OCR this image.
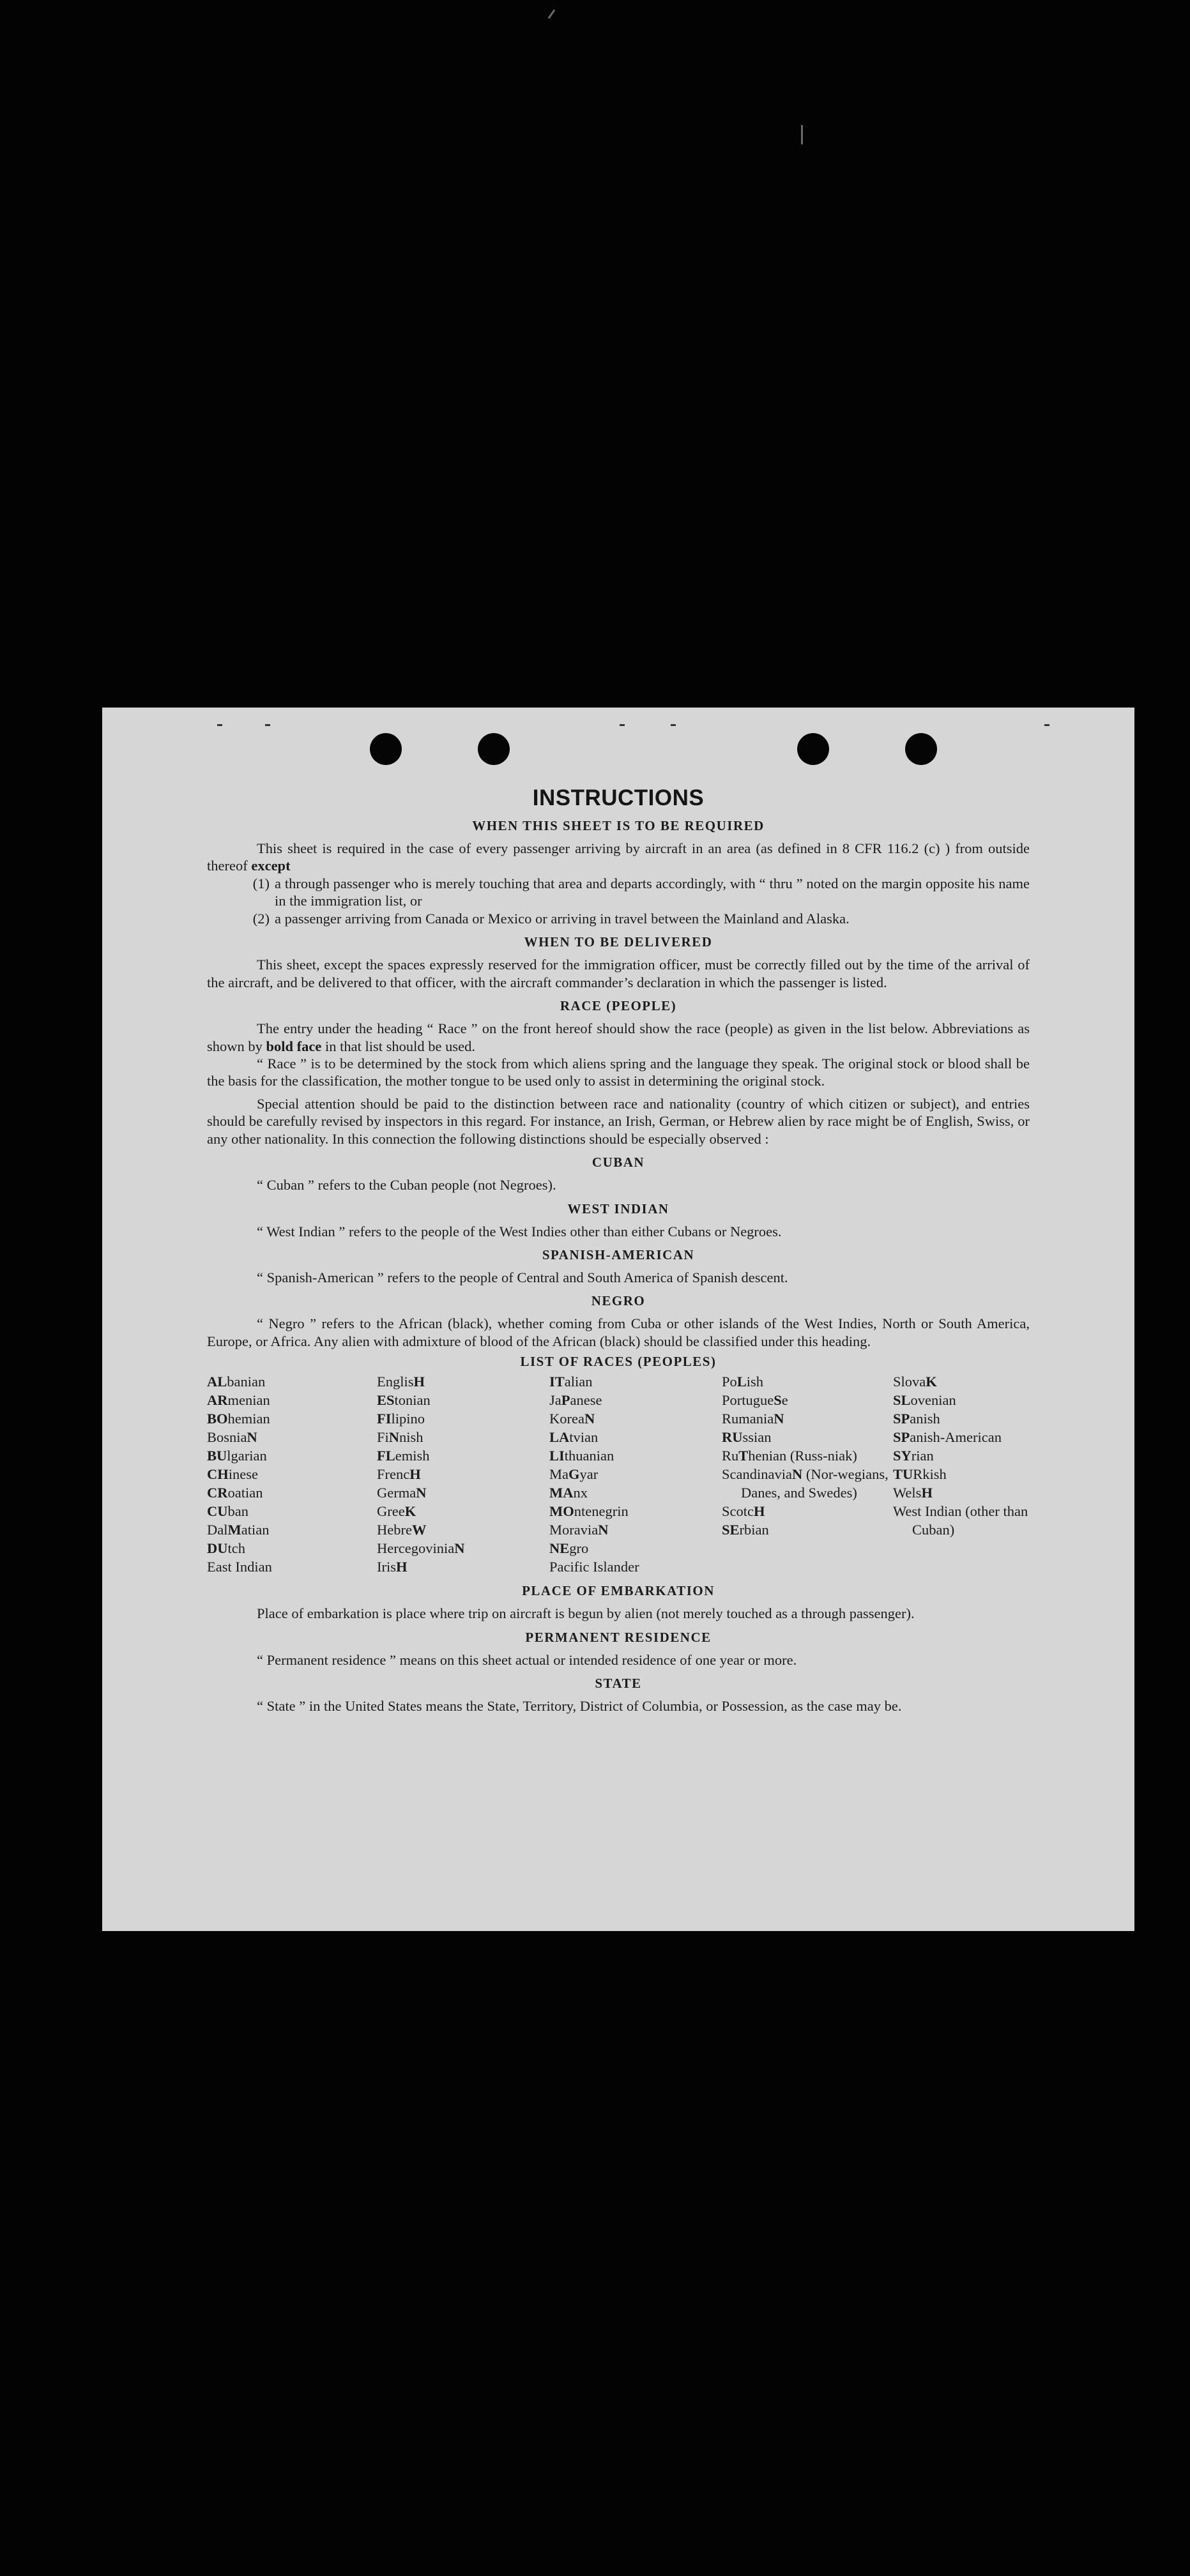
INSTRUCTIONS
WHEN THIS SHEET IS TO BE REQUIRED

This sheet is required in the case of every passenger arriving by aircraft in an area (as defined in 8 CFR 116.2 (c) ) from outside thereof except

(1) a through passenger who is merely touching that area and departs accordingly, with “ thru ” noted on the margin opposite his name in the immigration list, or
(2) a passenger arriving from Canada or Mexico or arriving in travel between the Mainland and Alaska.
WHEN TO BE DELIVERED

This sheet, except the spaces expressly reserved for the immigration officer, must be correctly filled out by the time of the arrival of the aircraft, and be delivered to that officer, with the aircraft commander’s declaration in which the passenger is listed.

RACE (PEOPLE)

The entry under the heading “ Race ” on the front hereof should show the race (people) as given in the list below. Abbreviations as shown by bold face in that list should be used.

“ Race ” is to be determined by the stock from which aliens spring and the language they speak. The original stock or blood shall be the basis for the classification, the mother tongue to be used only to assist in determining the original stock.

Special attention should be paid to the distinction between race and nationality (country of which citizen or subject), and entries should be carefully revised by inspectors in this regard. For instance, an Irish, German, or Hebrew alien by race might be of English, Swiss, or any other nationality. In this connection the following distinctions should be especially observed :

CUBAN

“ Cuban ” refers to the Cuban people (not Negroes).

WEST INDIAN

“ West Indian ” refers to the people of the West Indies other than either Cubans or Negroes.

SPANISH-AMERICAN

“ Spanish-American ” refers to the people of Central and South America of Spanish descent.

NEGRO

“ Negro ” refers to the African (black), whether coming from Cuba or other islands of the West Indies, North or South America, Europe, or Africa. Any alien with admixture of blood of the African (black) should be classified under this heading.

LIST OF RACES (PEOPLES)
ALbanian
ARmenian
BOhemian
BosniaN
BUlgarian
CHinese
CRoatian
CUban
DalMatian
DUtch
East Indian
EnglisH
EStonian
FIlipino
FiNnish
FLemish
FrencH
GermaN
GreeK
HebreW
HercegoviniaN
IrisH
ITalian
JaPanese
KoreaN
LAtvian
LIthuanian
MaGyar
MAnx
MOntenegrin
MoraviaN
NEgro
Pacific Islander
PoLish
PortugueSe
RumaniaN
RUssian
RuThenian (Russ-niak)
ScandinaviaN (Nor-wegians, Danes, and Swedes)
ScotcH
SErbian
SlovaK
SLovenian
SPanish
SPanish-American
SYrian
TURkish
WelsH
West Indian (other than Cuban)
PLACE OF EMBARKATION

Place of embarkation is place where trip on aircraft is begun by alien (not merely touched as a through passenger).

PERMANENT RESIDENCE

“ Permanent residence ” means on this sheet actual or intended residence of one year or more.

STATE

“ State ” in the United States means the State, Territory, District of Columbia, or Possession, as the case may be.
